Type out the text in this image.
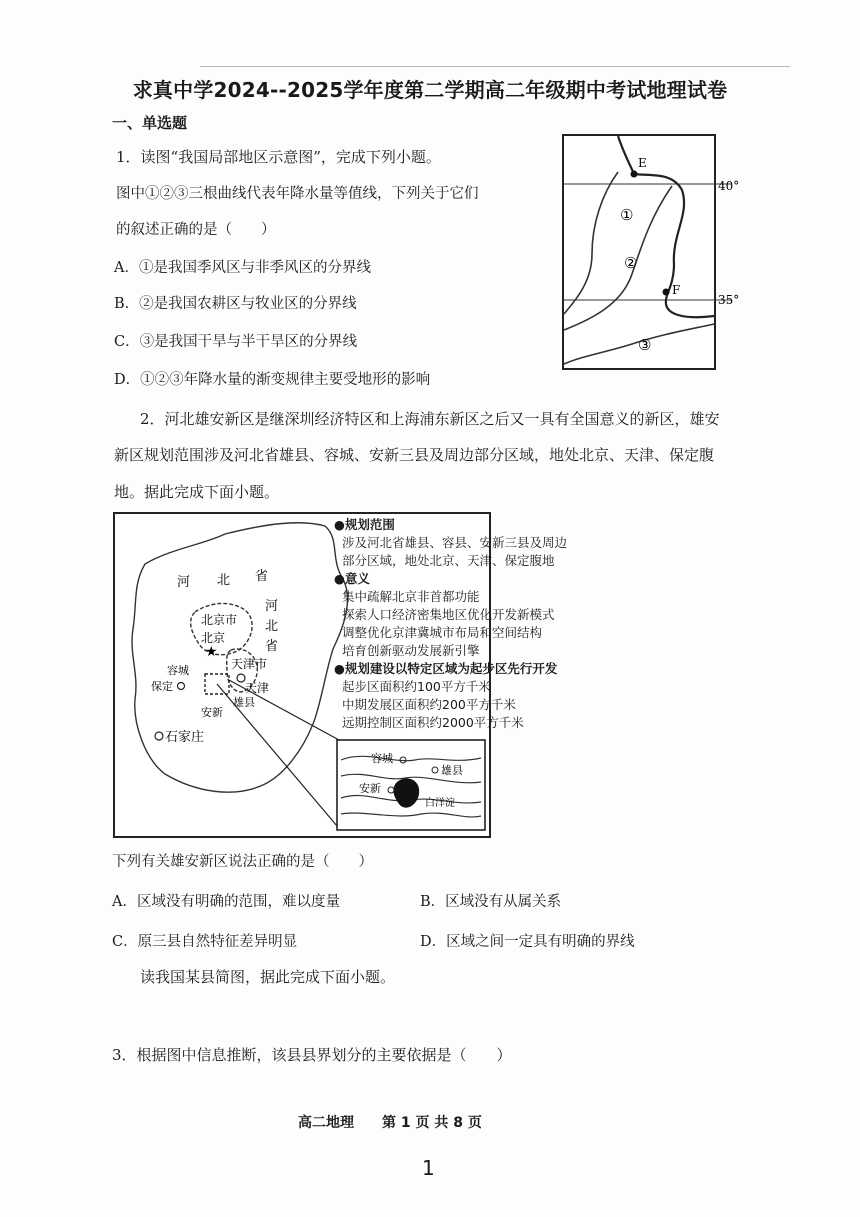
求真中学2024--2025学年度第二学期高二年级期中考试地理试卷
一、单选题
1．读图“我国局部地区示意图”，完成下列小题。
图中①②③三根曲线代表年降水量等值线，下列关于它们
的叙述正确的是（　　）
A．①是我国季风区与非季风区的分界线
B．②是我国农耕区与牧业区的分界线
C．③是我国干旱与半干旱区的分界线
D．①②③年降水量的渐变规律主要受地形的影响
E
F
40°
35°
①
②
③
2．河北雄安新区是继深圳经济特区和上海浦东新区之后又一具有全国意义的新区，雄安
新区规划范围涉及河北省雄县、容城、安新三县及周边部分区域，地处北京、天津、保定腹
地。据此完成下面小题。
河 北 省
河
北
省
北京市
北京
★
天津市
天津
容城
保定
雄县
安新
石家庄
容城
雄县
安新
白洋淀
●规划范围
涉及河北省雄县、容县、安新三县及周边
部分区域，地处北京、天津、保定腹地
●意义
集中疏解北京非首都功能
探索人口经济密集地区优化开发新模式
调整优化京津冀城市布局和空间结构
培育创新驱动发展新引擎
●规划建设以特定区域为起步区先行开发
起步区面积约100平方千米
中期发展区面积约200平方千米
远期控制区面积约2000平方千米
下列有关雄安新区说法正确的是（　　）
A．区域没有明确的范围，难以度量	B．区域没有从属关系
C．原三县自然特征差异明显	D．区域之间一定具有明确的界线
读我国某县简图，据此完成下面小题。
3．根据图中信息推断，该县县界划分的主要依据是（　　）
高二地理　　第 1 页 共 8 页
1
